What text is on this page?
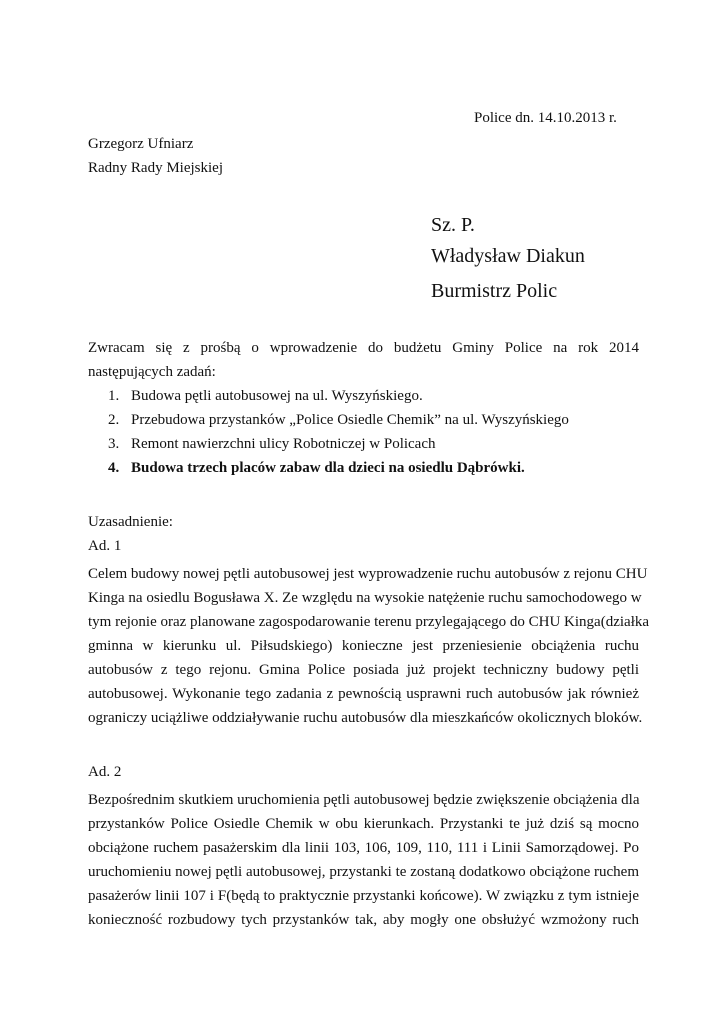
Police dn. 14.10.2013 r.
Grzegorz Ufniarz
Radny Rady Miejskiej
Sz. P.
Władysław Diakun
Burmistrz Polic
Zwracam się z prośbą o wprowadzenie do budżetu Gminy Police na rok 2014 następujących zadań:
1. Budowa pętli autobusowej na ul. Wyszyńskiego.
2. Przebudowa przystanków „Police Osiedle Chemik” na ul. Wyszyńskiego
3. Remont nawierzchni ulicy Robotniczej w Policach
4. Budowa trzech placów zabaw dla dzieci na osiedlu Dąbrówki.
Uzasadnienie:
Ad. 1
Celem budowy nowej pętli autobusowej jest wyprowadzenie ruchu autobusów z rejonu CHU
Kinga na osiedlu Bogusława X. Ze względu na wysokie natężenie ruchu samochodowego w
tym rejonie oraz planowane zagospodarowanie terenu przylegającego do CHU Kinga(działka
gminna w kierunku ul. Piłsudskiego) konieczne jest przeniesienie obciążenia ruchu
autobusów z tego rejonu. Gmina Police posiada już projekt techniczny budowy pętli
autobusowej. Wykonanie tego zadania z pewnością usprawni ruch autobusów jak również
ograniczy uciążliwe oddziaływanie ruchu autobusów dla mieszkańców okolicznych bloków.
Ad. 2
Bezpośrednim skutkiem uruchomienia pętli autobusowej będzie zwiększenie obciążenia dla
przystanków Police Osiedle Chemik w obu kierunkach. Przystanki te już dziś są mocno
obciążone ruchem pasażerskim dla linii 103, 106, 109, 110, 111 i Linii Samorządowej. Po
uruchomieniu nowej pętli autobusowej, przystanki te zostaną dodatkowo obciążone ruchem
pasażerów linii 107 i F(będą to praktycznie przystanki końcowe). W związku z tym istnieje
konieczność rozbudowy tych przystanków tak, aby mogły one obsłużyć wzmożony ruch
